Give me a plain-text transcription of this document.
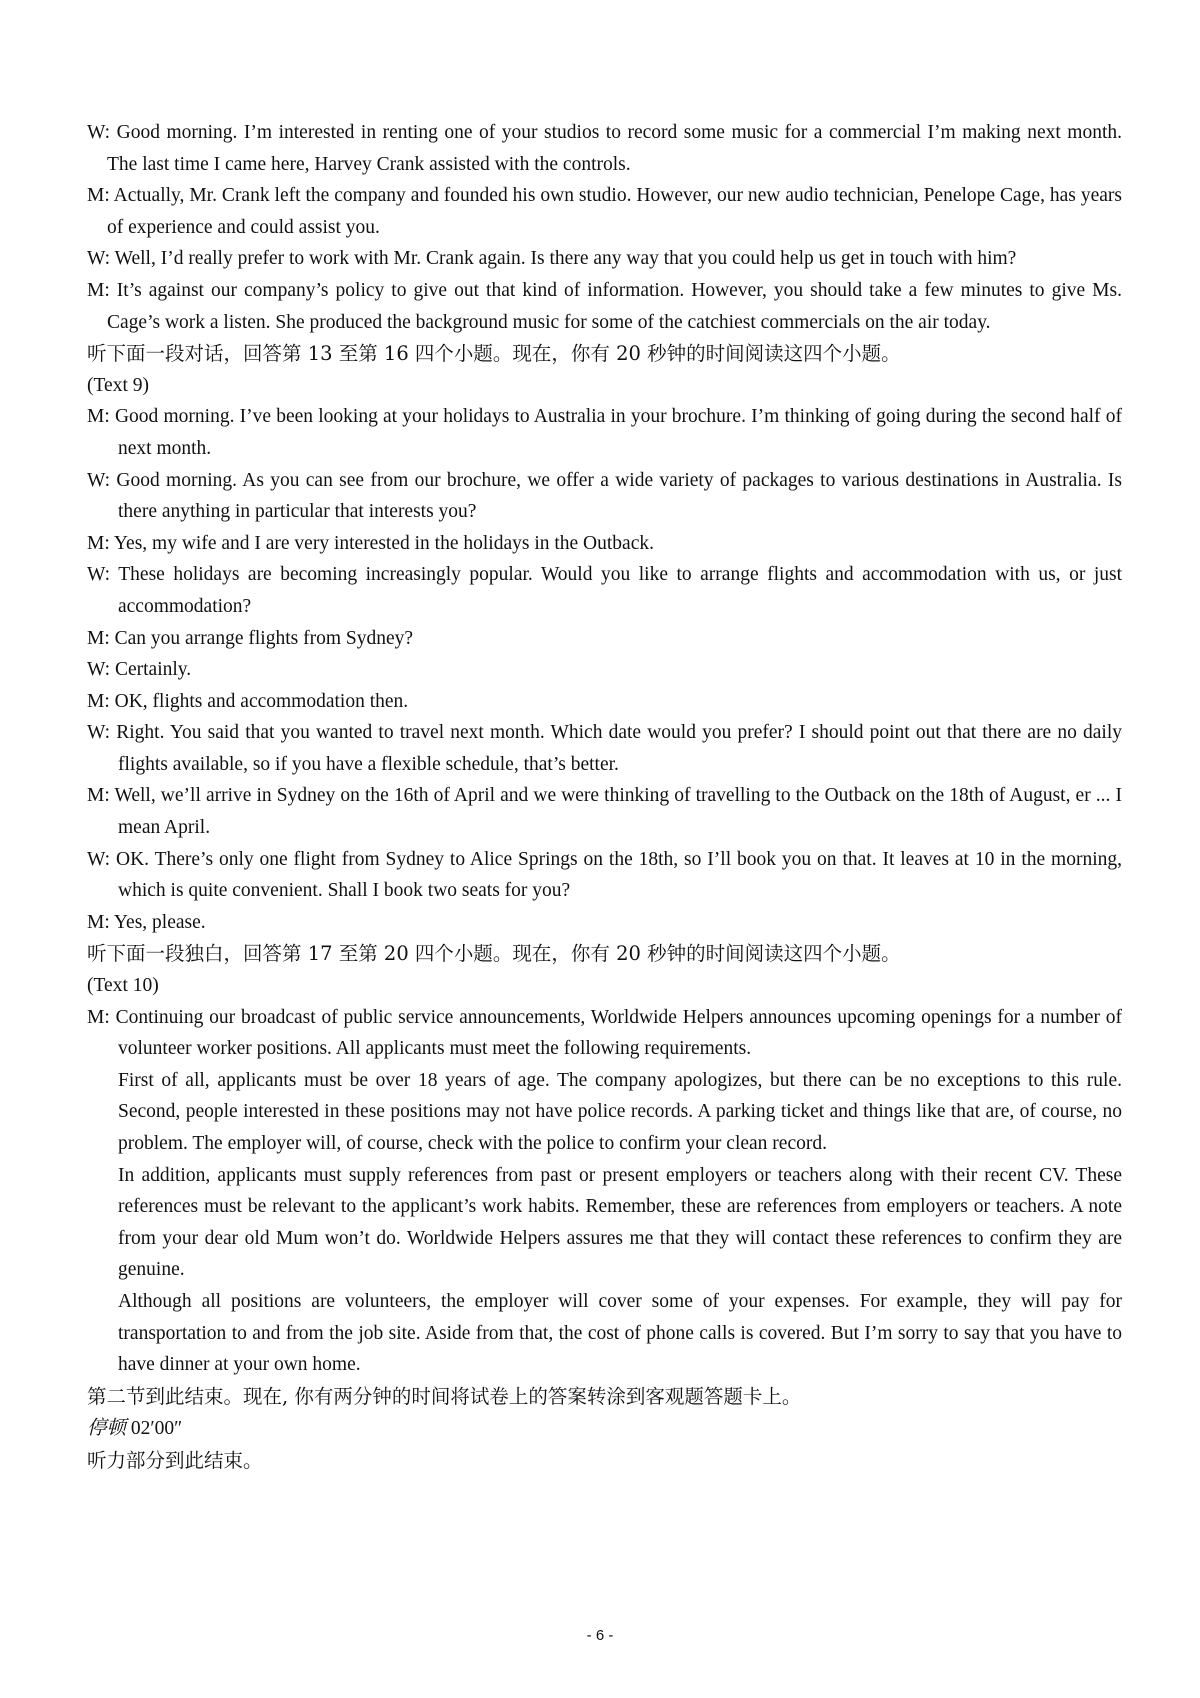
W: Good morning. I’m interested in renting one of your studios to record some music for a commercial I’m making next month. The last time I came here, Harvey Crank assisted with the controls.

M: Actually, Mr. Crank left the company and founded his own studio. However, our new audio technician, Penelope Cage, has years of experience and could assist you.

W: Well, I’d really prefer to work with Mr. Crank again. Is there any way that you could help us get in touch with him?

M: It’s against our company’s policy to give out that kind of information. However, you should take a few minutes to give Ms. Cage’s work a listen. She produced the background music for some of the catchiest commercials on the air today.

听下面一段对话，回答第 13 至第 16 四个小题。现在，你有 20 秒钟的时间阅读这四个小题。

(Text 9)

M: Good morning. I’ve been looking at your holidays to Australia in your brochure. I’m thinking of going during the second half of next month.

W: Good morning. As you can see from our brochure, we offer a wide variety of packages to various destinations in Australia. Is there anything in particular that interests you?

M: Yes, my wife and I are very interested in the holidays in the Outback.

W: These holidays are becoming increasingly popular. Would you like to arrange flights and accommodation with us, or just accommodation?

M: Can you arrange flights from Sydney?

W: Certainly.

M: OK, flights and accommodation then.

W: Right. You said that you wanted to travel next month. Which date would you prefer? I should point out that there are no daily flights available, so if you have a flexible schedule, that’s better.

M: Well, we’ll arrive in Sydney on the 16th of April and we were thinking of travelling to the Outback on the 18th of August, er ... I mean April.

W: OK. There’s only one flight from Sydney to Alice Springs on the 18th, so I’ll book you on that. It leaves at 10 in the morning, which is quite convenient. Shall I book two seats for you?

M: Yes, please.

听下面一段独白，回答第 17 至第 20 四个小题。现在，你有 20 秒钟的时间阅读这四个小题。

(Text 10)

M: Continuing our broadcast of public service announcements, Worldwide Helpers announces upcoming openings for a number of volunteer worker positions. All applicants must meet the following requirements.

First of all, applicants must be over 18 years of age. The company apologizes, but there can be no exceptions to this rule. Second, people interested in these positions may not have police records. A parking ticket and things like that are, of course, no problem. The employer will, of course, check with the police to confirm your clean record.

In addition, applicants must supply references from past or present employers or teachers along with their recent CV. These references must be relevant to the applicant’s work habits. Remember, these are references from employers or teachers. A note from your dear old Mum won’t do. Worldwide Helpers assures me that they will contact these references to confirm they are genuine.

Although all positions are volunteers, the employer will cover some of your expenses. For example, they will pay for transportation to and from the job site. Aside from that, the cost of phone calls is covered. But I’m sorry to say that you have to have dinner at your own home.

第二节到此结束。现在, 你有两分钟的时间将试卷上的答案转涂到客观题答题卡上。

停顿 02′00″

听力部分到此结束。

- 6 -
